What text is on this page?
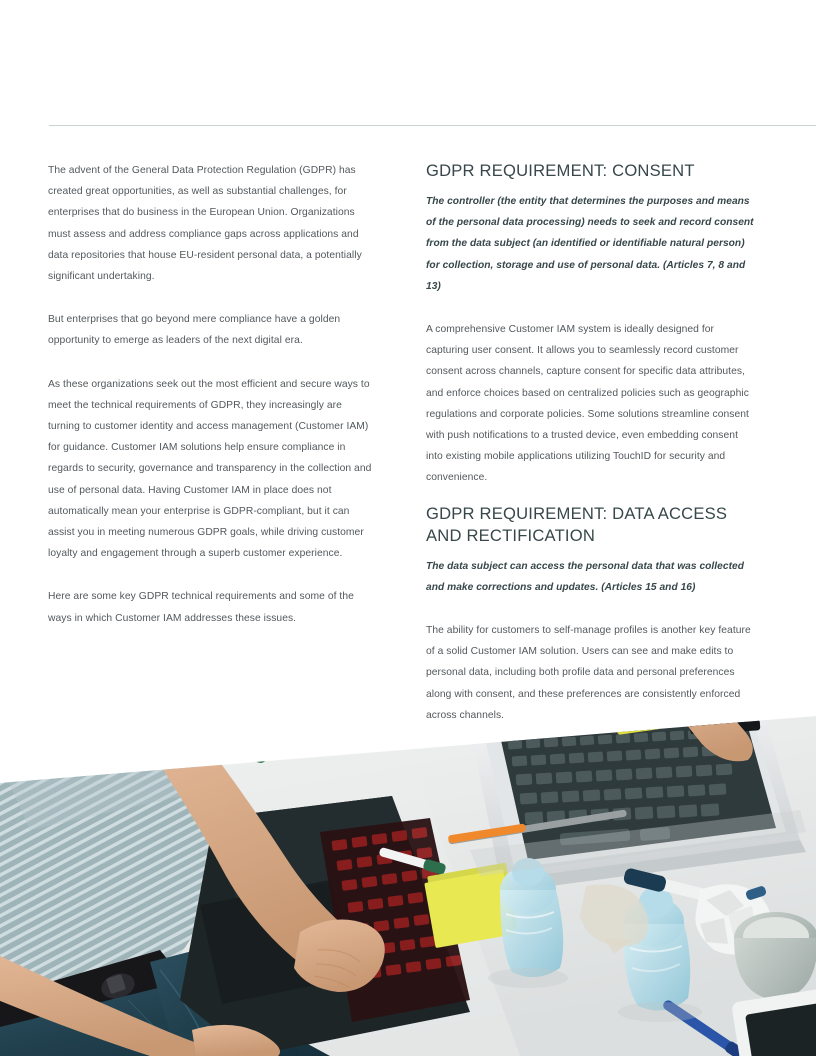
The advent of the General Data Protection Regulation (GDPR) has created great opportunities, as well as substantial challenges, for enterprises that do business in the European Union. Organizations must assess and address compliance gaps across applications and data repositories that house EU-resident personal data, a potentially significant undertaking.

But enterprises that go beyond mere compliance have a golden opportunity to emerge as leaders of the next digital era.

As these organizations seek out the most efficient and secure ways to meet the technical requirements of GDPR, they increasingly are turning to customer identity and access management (Customer IAM) for guidance. Customer IAM solutions help ensure compliance in regards to security, governance and transparency in the collection and use of personal data. Having Customer IAM in place does not automatically mean your enterprise is GDPR-compliant, but it can assist you in meeting numerous GDPR goals, while driving customer loyalty and engagement through a superb customer experience.

Here are some key GDPR technical requirements and some of the ways in which Customer IAM addresses these issues.

GDPR REQUIREMENT: CONSENT

The controller (the entity that determines the purposes and means of the personal data processing) needs to seek and record consent from the data subject (an identified or identifiable natural person) for collection, storage and use of personal data. (Articles 7, 8 and 13)

A comprehensive Customer IAM system is ideally designed for capturing user consent. It allows you to seamlessly record customer consent across channels, capture consent for specific data attributes, and enforce choices based on centralized policies such as geographic regulations and corporate policies. Some solutions streamline consent with push notifications to a trusted device, even embedding consent into existing mobile applications utilizing TouchID for security and convenience.

GDPR REQUIREMENT: DATA ACCESS AND RECTIFICATION

The data subject can access the personal data that was collected and make corrections and updates. (Articles 15 and 16)

The ability for customers to self-manage profiles is another key feature of a solid Customer IAM solution. Users can see and make edits to personal data, including both profile data and personal preferences along with consent, and these preferences are consistently enforced across channels.
